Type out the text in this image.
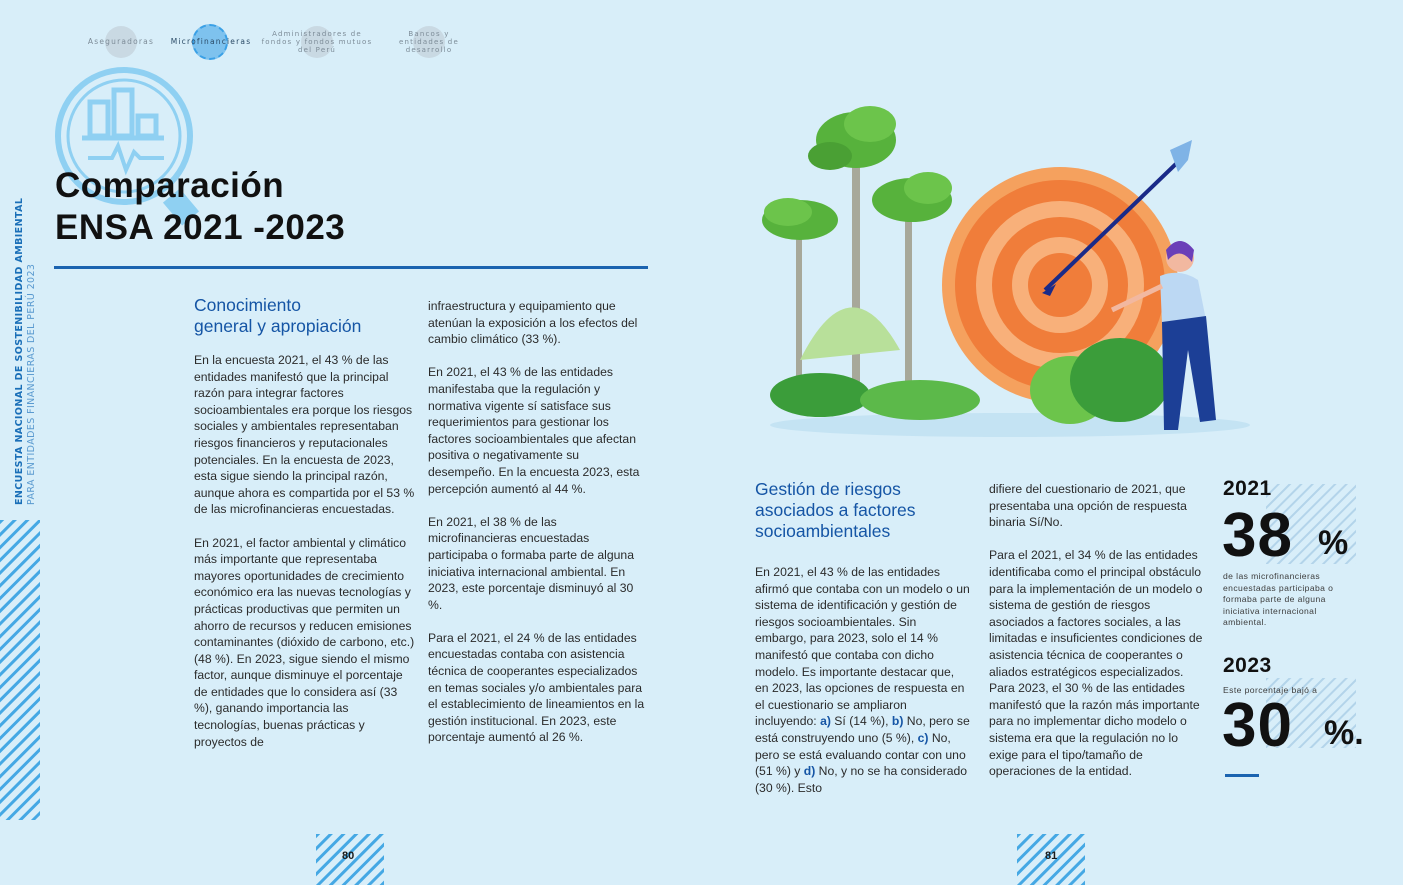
Aseguradoras Microfinancieras
Administradores de fondos y fondos mutuos del Perú
Bancos y entidades de desarrollo
ENCUESTA NACIONAL DE SOSTENIBILIDAD AMBIENTAL PARA ENTIDADES FINANCIERAS DEL PERÚ 2023
Comparación
ENSA 2021 -2023
Conocimiento
general y apropiación

En la encuesta 2021, el 43 % de las entidades manifestó que la principal razón para integrar factores socioambientales era porque los riesgos sociales y ambientales representaban riesgos financieros y reputacionales potenciales. En la encuesta de 2023, esta sigue siendo la principal razón, aunque ahora es compartida por el 53 % de las microfinancieras encuestadas.

En 2021, el factor ambiental y climático más importante que representaba mayores oportunidades de crecimiento económico era las nuevas tecnologías y prácticas productivas que permiten un ahorro de recursos y reducen emisiones contaminantes (dióxido de carbono, etc.) (48 %). En 2023, sigue siendo el mismo factor, aunque disminuye el porcentaje de entidades que lo considera así (33 %), ganando importancia las tecnologías, buenas prácticas y proyectos de

infraestructura y equipamiento que atenúan la exposición a los efectos del cambio climático (33 %).

En 2021, el 43 % de las entidades manifestaba que la regulación y normativa vigente sí satisface sus requerimientos para gestionar los factores socioambientales que afectan positiva o negativamente su desempeño. En la encuesta 2023, esta percepción aumentó al 44 %.

En 2021, el 38 % de las microfinancieras encuestadas participaba o formaba parte de alguna iniciativa internacional ambiental. En 2023, este porcentaje disminuyó al 30 %.

Para el 2021, el 24 % de las entidades encuestadas contaba con asistencia técnica de cooperantes especializados en temas sociales y/o ambientales para el establecimiento de lineamientos en la gestión institucional. En 2023, este porcentaje aumentó al 26 %.

80
Gestión de riesgos
asociados a factores
socioambientales

En 2021, el 43 % de las entidades afirmó que contaba con un modelo o un sistema de identificación y gestión de riesgos socioambientales. Sin embargo, para 2023, solo el 14 % manifestó que contaba con dicho modelo. Es importante destacar que, en 2023, las opciones de respuesta en el cuestionario se ampliaron incluyendo: a) Sí (14 %), b) No, pero se está construyendo uno (5 %), c) No, pero se está evaluando contar con uno (51 %) y d) No, y no se ha considerado (30 %). Esto

difiere del cuestionario de 2021, que presentaba una opción de respuesta binaria Sí/No.

Para el 2021, el 34 % de las entidades identificaba como el principal obstáculo para la implementación de un modelo o sistema de gestión de riesgos asociados a factores sociales, a las limitadas e insuficientes condiciones de asistencia técnica de cooperantes o aliados estratégicos especializados. Para 2023, el 30 % de las entidades manifestó que la razón más importante para no implementar dicho modelo o sistema era que la regulación no lo exige para el tipo/tamaño de operaciones de la entidad.

2021
38 %
de las microfinancieras encuestadas participaba o formaba parte de alguna iniciativa internacional ambiental.
2023
Este porcentaje bajó a
30 %.
81
